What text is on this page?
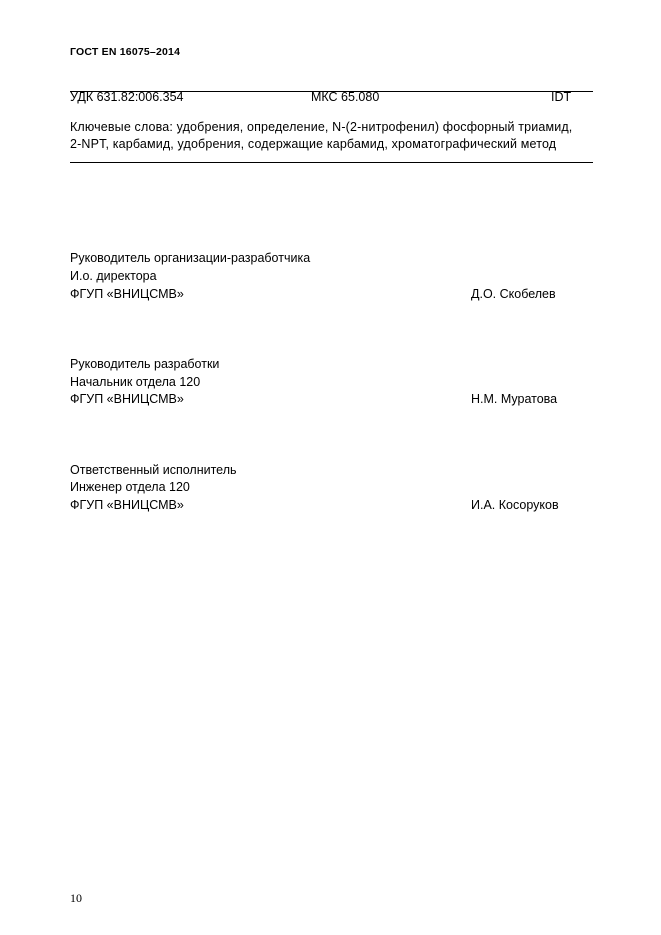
ГОСТ EN 16075–2014
УДК 631.82:006.354	МКС 65.080	IDT
Ключевые слова: удобрения, определение, N-(2-нитрофенил) фосфорный триамид,
2-NPT, карбамид, удобрения, содержащие карбамид, хроматографический метод
Руководитель организации-разработчика
И.о. директора
ФГУП «ВНИЦСМВ»	Д.О. Скобелев
Руководитель разработки
Начальник отдела 120
ФГУП «ВНИЦСМВ»	Н.М. Муратова
Ответственный исполнитель
Инженер отдела 120
ФГУП «ВНИЦСМВ»	И.А. Косоруков
10
